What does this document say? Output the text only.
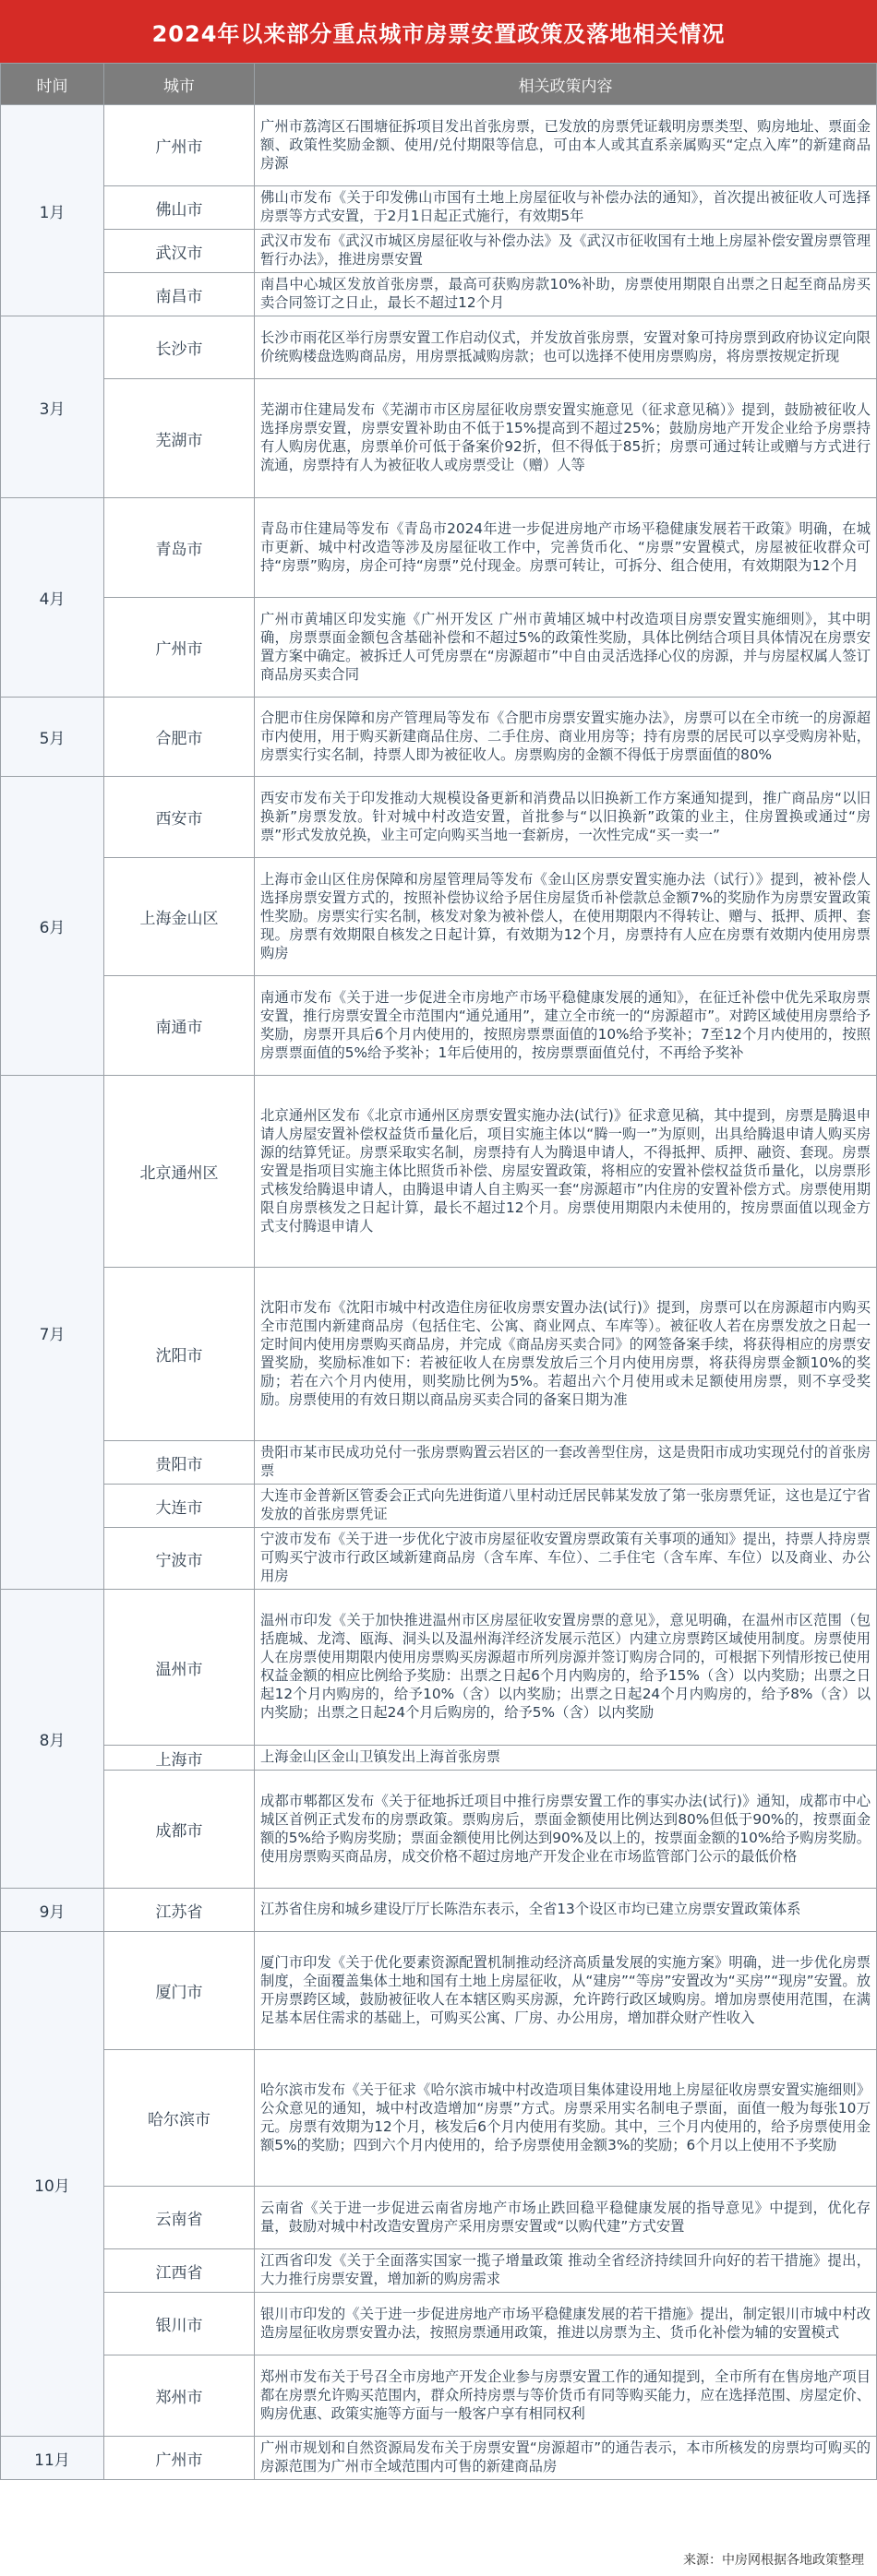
2024年以来部分重点城市房票安置政策及落地相关情况
时间	城市	相关政策内容
1月	广州市	广州市荔湾区石围塘征拆项目发出首张房票，已发放的房票凭证载明房票类型、购房地址、票面金额、政策性奖励金额、使用/兑付期限等信息，可由本人或其直系亲属购买“定点入库”的新建商品房源
	佛山市	佛山市发布《关于印发佛山市国有土地上房屋征收与补偿办法的通知》，首次提出被征收人可选择房票等方式安置，于2月1日起正式施行，有效期5年
	武汉市	武汉市发布《武汉市城区房屋征收与补偿办法》及《武汉市征收国有土地上房屋补偿安置房票管理暂行办法》，推进房票安置
	南昌市	南昌中心城区发放首张房票，最高可获购房款10%补助，房票使用期限自出票之日起至商品房买卖合同签订之日止，最长不超过12个月
3月	长沙市	长沙市雨花区举行房票安置工作启动仪式，并发放首张房票，安置对象可持房票到政府协议定向限价统购楼盘选购商品房，用房票抵减购房款；也可以选择不使用房票购房，将房票按规定折现
	芜湖市	芜湖市住建局发布《芜湖市市区房屋征收房票安置实施意见（征求意见稿）》提到，鼓励被征收人选择房票安置，房票安置补助由不低于15%提高到不超过25%；鼓励房地产开发企业给予房票持有人购房优惠，房票单价可低于备案价92折，但不得低于85折；房票可通过转让或赠与方式进行流通，房票持有人为被征收人或房票受让（赠）人等
4月	青岛市	青岛市住建局等发布《青岛市2024年进一步促进房地产市场平稳健康发展若干政策》明确，在城市更新、城中村改造等涉及房屋征收工作中，完善货币化、“房票”安置模式，房屋被征收群众可持“房票”购房，房企可持“房票”兑付现金。房票可转让，可拆分、组合使用，有效期限为12个月
	广州市	广州市黄埔区印发实施《广州开发区 广州市黄埔区城中村改造项目房票安置实施细则》，其中明确，房票票面金额包含基础补偿和不超过5%的政策性奖励，具体比例结合项目具体情况在房票安置方案中确定。被拆迁人可凭房票在“房源超市”中自由灵活选择心仪的房源，并与房屋权属人签订商品房买卖合同
5月	合肥市	合肥市住房保障和房产管理局等发布《合肥市房票安置实施办法》，房票可以在全市统一的房源超市内使用，用于购买新建商品住房、二手住房、商业用房等；持有房票的居民可以享受购房补贴，房票实行实名制，持票人即为被征收人。房票购房的金额不得低于房票面值的80%
6月	西安市	西安市发布关于印发推动大规模设备更新和消费品以旧换新工作方案通知提到，推广商品房“以旧换新”房票发放。针对城中村改造安置，首批参与“以旧换新”政策的业主，住房置换或通过“房票”形式发放兑换，业主可定向购买当地一套新房，一次性完成“买一卖一”
	上海金山区	上海市金山区住房保障和房屋管理局等发布《金山区房票安置实施办法（试行）》提到，被补偿人选择房票安置方式的，按照补偿协议给予居住房屋货币补偿款总金额7%的奖励作为房票安置政策性奖励。房票实行实名制，核发对象为被补偿人，在使用期限内不得转让、赠与、抵押、质押、套现。房票有效期限自核发之日起计算，有效期为12个月，房票持有人应在房票有效期内使用房票购房
	南通市	南通市发布《关于进一步促进全市房地产市场平稳健康发展的通知》，在征迁补偿中优先采取房票安置，推行房票安置全市范围内“通兑通用”，建立全市统一的“房源超市”。对跨区域使用房票给予奖励，房票开具后6个月内使用的，按照房票票面值的10%给予奖补；7至12个月内使用的，按照房票票面值的5%给予奖补；1年后使用的，按房票票面值兑付，不再给予奖补
7月	北京通州区	北京通州区发布《北京市通州区房票安置实施办法(试行)》征求意见稿，其中提到，房票是腾退申请人房屋安置补偿权益货币量化后，项目实施主体以“腾一购一”为原则，出具给腾退申请人购买房源的结算凭证。房票采取实名制，房票持有人为腾退申请人，不得抵押、质押、融资、套现。房票安置是指项目实施主体比照货币补偿、房屋安置政策，将相应的安置补偿权益货币量化，以房票形式核发给腾退申请人，由腾退申请人自主购买一套“房源超市”内住房的安置补偿方式。房票使用期限自房票核发之日起计算，最长不超过12个月。房票使用期限内未使用的，按房票面值以现金方式支付腾退申请人
	沈阳市	沈阳市发布《沈阳市城中村改造住房征收房票安置办法(试行)》提到，房票可以在房源超市内购买全市范围内新建商品房（包括住宅、公寓、商业网点、车库等）。被征收人若在房票发放之日起一定时间内使用房票购买商品房，并完成《商品房买卖合同》的网签备案手续，将获得相应的房票安置奖励，奖励标准如下：若被征收人在房票发放后三个月内使用房票，将获得房票金额10%的奖励；若在六个月内使用，则奖励比例为5%。若超出六个月使用或未足额使用房票，则不享受奖励。房票使用的有效日期以商品房买卖合同的备案日期为准
	贵阳市	贵阳市某市民成功兑付一张房票购置云岩区的一套改善型住房，这是贵阳市成功实现兑付的首张房票
	大连市	大连市金普新区管委会正式向先进街道八里村动迁居民韩某发放了第一张房票凭证，这也是辽宁省发放的首张房票凭证
	宁波市	宁波市发布《关于进一步优化宁波市房屋征收安置房票政策有关事项的通知》提出，持票人持房票可购买宁波市行政区域新建商品房（含车库、车位）、二手住宅（含车库、车位）以及商业、办公用房
8月	温州市	温州市印发《关于加快推进温州市区房屋征收安置房票的意见》，意见明确，在温州市区范围（包括鹿城、龙湾、瓯海、洞头以及温州海洋经济发展示范区）内建立房票跨区域使用制度。房票使用人在房票使用期限内使用房票购买房源超市所列房源并签订购房合同的，可根据下列情形按已使用权益金额的相应比例给予奖励：出票之日起6个月内购房的，给予15%（含）以内奖励；出票之日起12个月内购房的，给予10%（含）以内奖励；出票之日起24个月内购房的，给予8%（含）以内奖励；出票之日起24个月后购房的，给予5%（含）以内奖励
	上海市	上海金山区金山卫镇发出上海首张房票
	成都市	成都市郫都区发布《关于征地拆迁项目中推行房票安置工作的事实办法(试行)》通知，成都市中心城区首例正式发布的房票政策。票购房后，票面金额使用比例达到80%但低于90%的，按票面金额的5%给予购房奖励；票面金额使用比例达到90%及以上的，按票面金额的10%给予购房奖励。使用房票购买商品房，成交价格不超过房地产开发企业在市场监管部门公示的最低价格
9月	江苏省	江苏省住房和城乡建设厅厅长陈浩东表示，全省13个设区市均已建立房票安置政策体系
10月	厦门市	厦门市印发《关于优化要素资源配置机制推动经济高质量发展的实施方案》明确，进一步优化房票制度，全面覆盖集体土地和国有土地上房屋征收，从“建房”“等房”安置改为“买房”“现房”安置。放开房票跨区域，鼓励被征收人在本辖区购买房源，允许跨行政区域购房。增加房票使用范围，在满足基本居住需求的基础上，可购买公寓、厂房、办公用房，增加群众财产性收入
	哈尔滨市	哈尔滨市发布《关于征求《哈尔滨市城中村改造项目集体建设用地上房屋征收房票安置实施细则》公众意见的通知，城中村改造增加“房票”方式。房票采用实名制电子票面，面值一般为每张10万元。房票有效期为12个月，核发后6个月内使用有奖励。其中，三个月内使用的，给予房票使用金额5%的奖励；四到六个月内使用的，给予房票使用金额3%的奖励；6个月以上使用不予奖励
	云南省	云南省《关于进一步促进云南省房地产市场止跌回稳平稳健康发展的指导意见》中提到，优化存量，鼓励对城中村改造安置房产采用房票安置或“以购代建”方式安置
	江西省	江西省印发《关于全面落实国家一揽子增量政策 推动全省经济持续回升向好的若干措施》提出，大力推行房票安置，增加新的购房需求
	银川市	银川市印发的《关于进一步促进房地产市场平稳健康发展的若干措施》提出，制定银川市城中村改造房屋征收房票安置办法，按照房票通用政策，推进以房票为主、货币化补偿为辅的安置模式
	郑州市	郑州市发布关于号召全市房地产开发企业参与房票安置工作的通知提到，全市所有在售房地产项目都在房票允许购买范围内，群众所持房票与等价货币有同等购买能力，应在选择范围、房屋定价、购房优惠、政策实施等方面与一般客户享有相同权利
11月	广州市	广州市规划和自然资源局发布关于房票安置“房源超市”的通告表示，本市所核发的房票均可购买的房源范围为广州市全域范围内可售的新建商品房
来源：中房网根据各地政策整理
